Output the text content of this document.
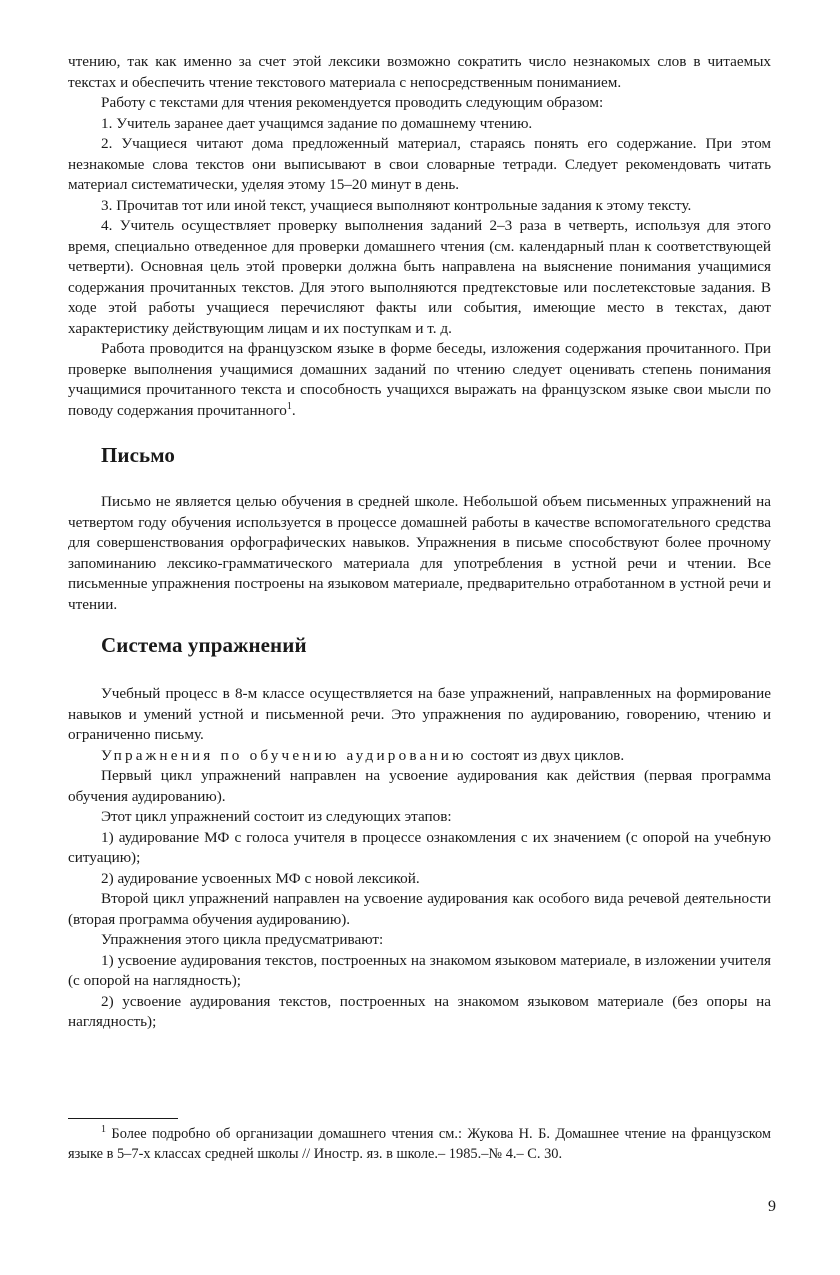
чтению, так как именно за счет этой лексики возможно сократить число незнакомых слов в читаемых текстах и обеспечить чтение текстового материала с непосредственным пониманием.

Работу с текстами для чтения рекомендуется проводить следующим образом:

1. Учитель заранее дает учащимся задание по домашнему чтению.

2. Учащиеся читают дома предложенный материал, стараясь понять его содержание. При этом незнакомые слова текстов они выписывают в свои словарные тетради. Следует рекомендовать читать материал систематически, уделяя этому 15–20 минут в день.

3. Прочитав тот или иной текст, учащиеся выполняют контрольные задания к этому тексту.

4. Учитель осуществляет проверку выполнения заданий 2–3 раза в четверть, используя для этого время, специально отведенное для проверки домашнего чтения (см. календарный план к соответствующей четверти). Основная цель этой проверки должна быть направлена на выяснение понимания учащимися содержания прочитанных текстов. Для этого выполняются предтекстовые или послетекстовые задания. В ходе этой работы учащиеся перечисляют факты или события, имеющие место в текстах, дают характеристику действующим лицам и их поступкам и т. д.

Работа проводится на французском языке в форме беседы, изложения содержания прочитанного. При проверке выполнения учащимися домашних заданий по чтению следует оценивать степень понимания учащимися прочитанного текста и способность учащихся выражать на французском языке свои мысли по поводу содержания прочитанного$^1$.

Письмо

Письмо не является целью обучения в средней школе. Небольшой объем письменных упражнений на четвертом году обучения используется в процессе домашней работы в качестве вспомогательного средства для совершенствования орфографических навыков. Упражнения в письме способствуют более прочному запоминанию лексико-грамматического материала для употребления в устной речи и чтении. Все письменные упражнения построены на языковом материале, предварительно отработанном в устной речи и чтении.

Система упражнений

Учебный процесс в 8-м классе осуществляется на базе упражнений, направленных на формирование навыков и умений устной и письменной речи. Это упражнения по аудированию, говорению, чтению и ограниченно письму.

Упражнения по обучению аудированию состоят из двух циклов.

Первый цикл упражнений направлен на усвоение аудирования как действия (первая программа обучения аудированию).

Этот цикл упражнений состоит из следующих этапов:

1) аудирование МФ с голоса учителя в процессе ознакомления с их значением (с опорой на учебную ситуацию);

2) аудирование усвоенных МФ с новой лексикой.

Второй цикл упражнений направлен на усвоение аудирования как особого вида речевой деятельности (вторая программа обучения аудированию).

Упражнения этого цикла предусматривают:

1) усвоение аудирования текстов, построенных на знакомом языковом материале, в изложении учителя (с опорой на наглядность);

2) усвоение аудирования текстов, построенных на знакомом языковом материале (без опоры на наглядность);

$^1$ Более подробно об организации домашнего чтения см.: Жукова Н. Б. Домашнее чтение на французском языке в 5–7-х классах средней школы // Иностр. яз. в школе.– 1985.–№ 4.– С. 30.

9
